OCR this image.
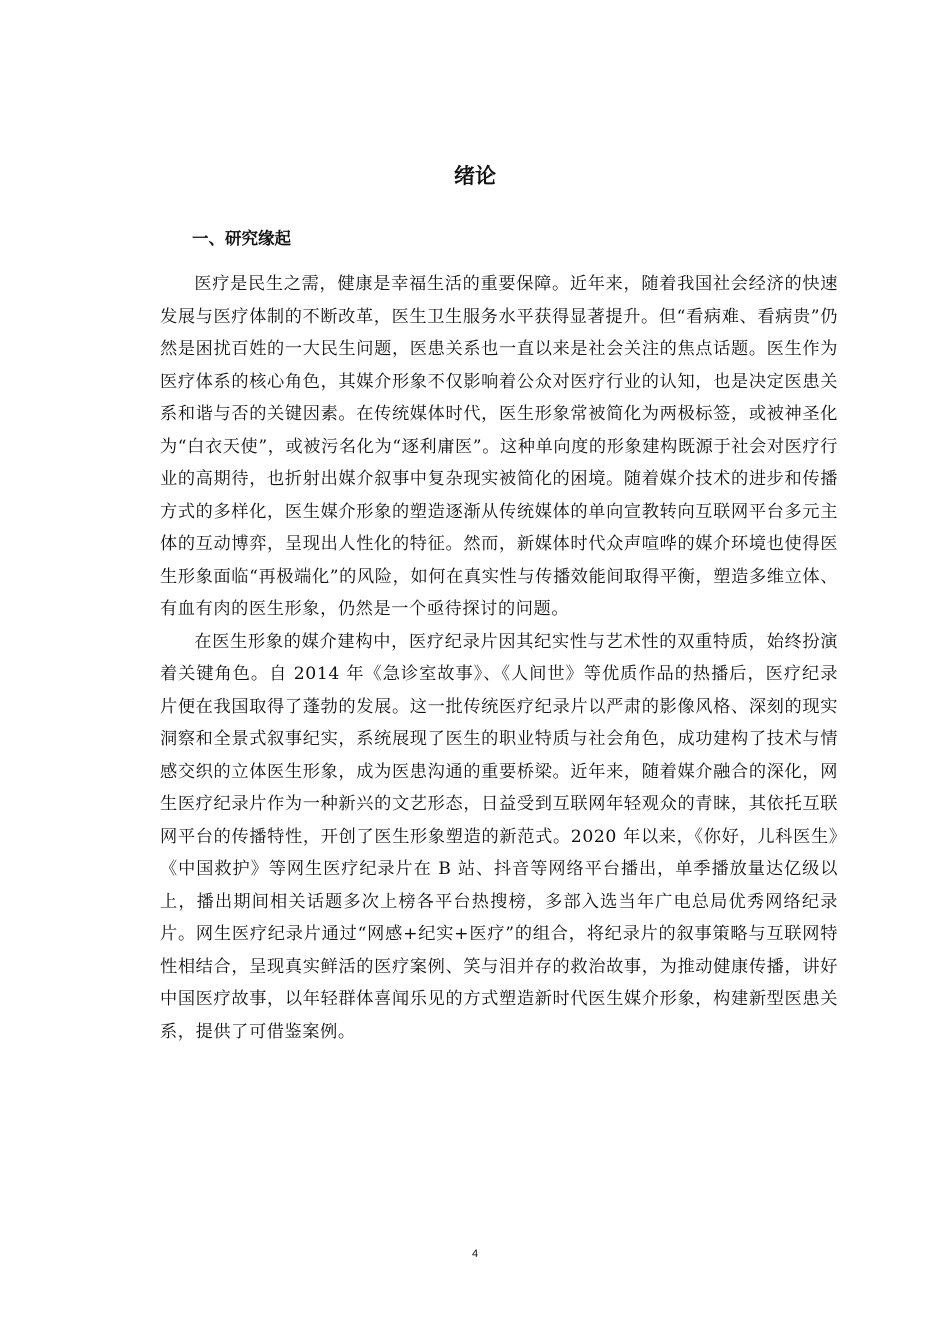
绪论
一、研究缘起

医疗是民生之需，健康是幸福生活的重要保障。近年来，随着我国社会经济的快速发展与医疗体制的不断改革，医生卫生服务水平获得显著提升。但“看病难、看病贵”仍然是困扰百姓的一大民生问题，医患关系也一直以来是社会关注的焦点话题。医生作为医疗体系的核心角色，其媒介形象不仅影响着公众对医疗行业的认知，也是决定医患关系和谐与否的关键因素。在传统媒体时代，医生形象常被简化为两极标签，或被神圣化为“白衣天使”，或被污名化为“逐利庸医”。这种单向度的形象建构既源于社会对医疗行业的高期待，也折射出媒介叙事中复杂现实被简化的困境。随着媒介技术的进步和传播方式的多样化，医生媒介形象的塑造逐渐从传统媒体的单向宣教转向互联网平台多元主体的互动博弈，呈现出人性化的特征。然而，新媒体时代众声喧哗的媒介环境也使得医生形象面临“再极端化”的风险，如何在真实性与传播效能间取得平衡，塑造多维立体、有血有肉的医生形象，仍然是一个亟待探讨的问题。

在医生形象的媒介建构中，医疗纪录片因其纪实性与艺术性的双重特质，始终扮演着关键角色。自 2014 年《急诊室故事》、《人间世》等优质作品的热播后，医疗纪录片便在我国取得了蓬勃的发展。这一批传统医疗纪录片以严肃的影像风格、深刻的现实洞察和全景式叙事纪实，系统展现了医生的职业特质与社会角色，成功建构了技术与情感交织的立体医生形象，成为医患沟通的重要桥梁。近年来，随着媒介融合的深化，网生医疗纪录片作为一种新兴的文艺形态，日益受到互联网年轻观众的青睐，其依托互联网平台的传播特性，开创了医生形象塑造的新范式。2020 年以来，《你好，儿科医生》《中国救护》等网生医疗纪录片在 B 站、抖音等网络平台播出，单季播放量达亿级以上，播出期间相关话题多次上榜各平台热搜榜，多部入选当年广电总局优秀网络纪录片。网生医疗纪录片通过“网感+纪实+医疗”的组合，将纪录片的叙事策略与互联网特性相结合，呈现真实鲜活的医疗案例、笑与泪并存的救治故事，为推动健康传播，讲好中国医疗故事，以年轻群体喜闻乐见的方式塑造新时代医生媒介形象，构建新型医患关系，提供了可借鉴案例。

4
